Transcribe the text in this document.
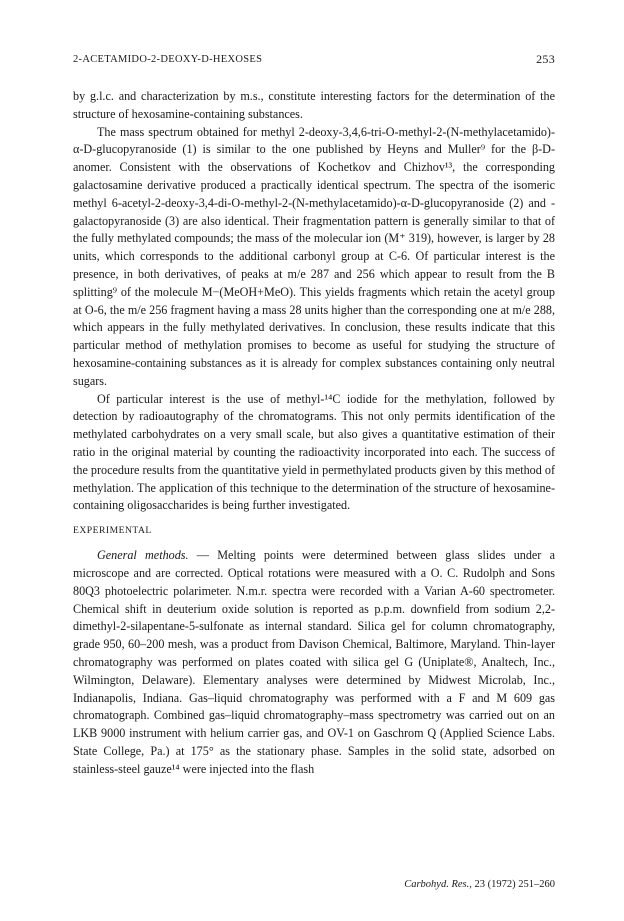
2-ACETAMIDO-2-DEOXY-D-HEXOSES	253

by g.l.c. and characterization by m.s., constitute interesting factors for the determination of the structure of hexosamine-containing substances.

The mass spectrum obtained for methyl 2-deoxy-3,4,6-tri-O-methyl-2-(N-methylacetamido)-α-D-glucopyranoside (1) is similar to the one published by Heyns and Muller⁹ for the β-D- anomer. Consistent with the observations of Kochetkov and Chizhov¹³, the corresponding galactosamine derivative produced a practically identical spectrum. The spectra of the isomeric methyl 6-acetyl-2-deoxy-3,4-di-O-methyl-2-(N-methylacetamido)-α-D-glucopyranoside (2) and -galactopyranoside (3) are also identical. Their fragmentation pattern is generally similar to that of the fully methylated compounds; the mass of the molecular ion (M⁺ 319), however, is larger by 28 units, which corresponds to the additional carbonyl group at C-6. Of particular interest is the presence, in both derivatives, of peaks at m/e 287 and 256 which appear to result from the B splitting⁹ of the molecule M−(MeOH+MeO). This yields fragments which retain the acetyl group at O-6, the m/e 256 fragment having a mass 28 units higher than the corresponding one at m/e 288, which appears in the fully methylated derivatives. In conclusion, these results indicate that this particular method of methylation promises to become as useful for studying the structure of hexosamine-containing substances as it is already for complex substances containing only neutral sugars.

Of particular interest is the use of methyl-¹⁴C iodide for the methylation, followed by detection by radioautography of the chromatograms. This not only permits identification of the methylated carbohydrates on a very small scale, but also gives a quantitative estimation of their ratio in the original material by counting the radioactivity incorporated into each. The success of the procedure results from the quantitative yield in permethylated products given by this method of methylation. The application of this technique to the determination of the structure of hexosamine-containing oligosaccharides is being further investigated.

EXPERIMENTAL

General methods. — Melting points were determined between glass slides under a microscope and are corrected. Optical rotations were measured with a O. C. Rudolph and Sons 80Q3 photoelectric polarimeter. N.m.r. spectra were recorded with a Varian A-60 spectrometer. Chemical shift in deuterium oxide solution is reported as p.p.m. downfield from sodium 2,2-dimethyl-2-silapentane-5-sulfonate as internal standard. Silica gel for column chromatography, grade 950, 60–200 mesh, was a product from Davison Chemical, Baltimore, Maryland. Thin-layer chromatography was performed on plates coated with silica gel G (Uniplate®, Analtech, Inc., Wilmington, Delaware). Elementary analyses were determined by Midwest Microlab, Inc., Indianapolis, Indiana. Gas–liquid chromatography was performed with a F and M 609 gas chromatograph. Combined gas–liquid chromatography–mass spectrometry was carried out on an LKB 9000 instrument with helium carrier gas, and OV-1 on Gaschrom Q (Applied Science Labs. State College, Pa.) at 175° as the stationary phase. Samples in the solid state, adsorbed on stainless-steel gauze¹⁴ were injected into the flash

Carbohyd. Res., 23 (1972) 251–260
